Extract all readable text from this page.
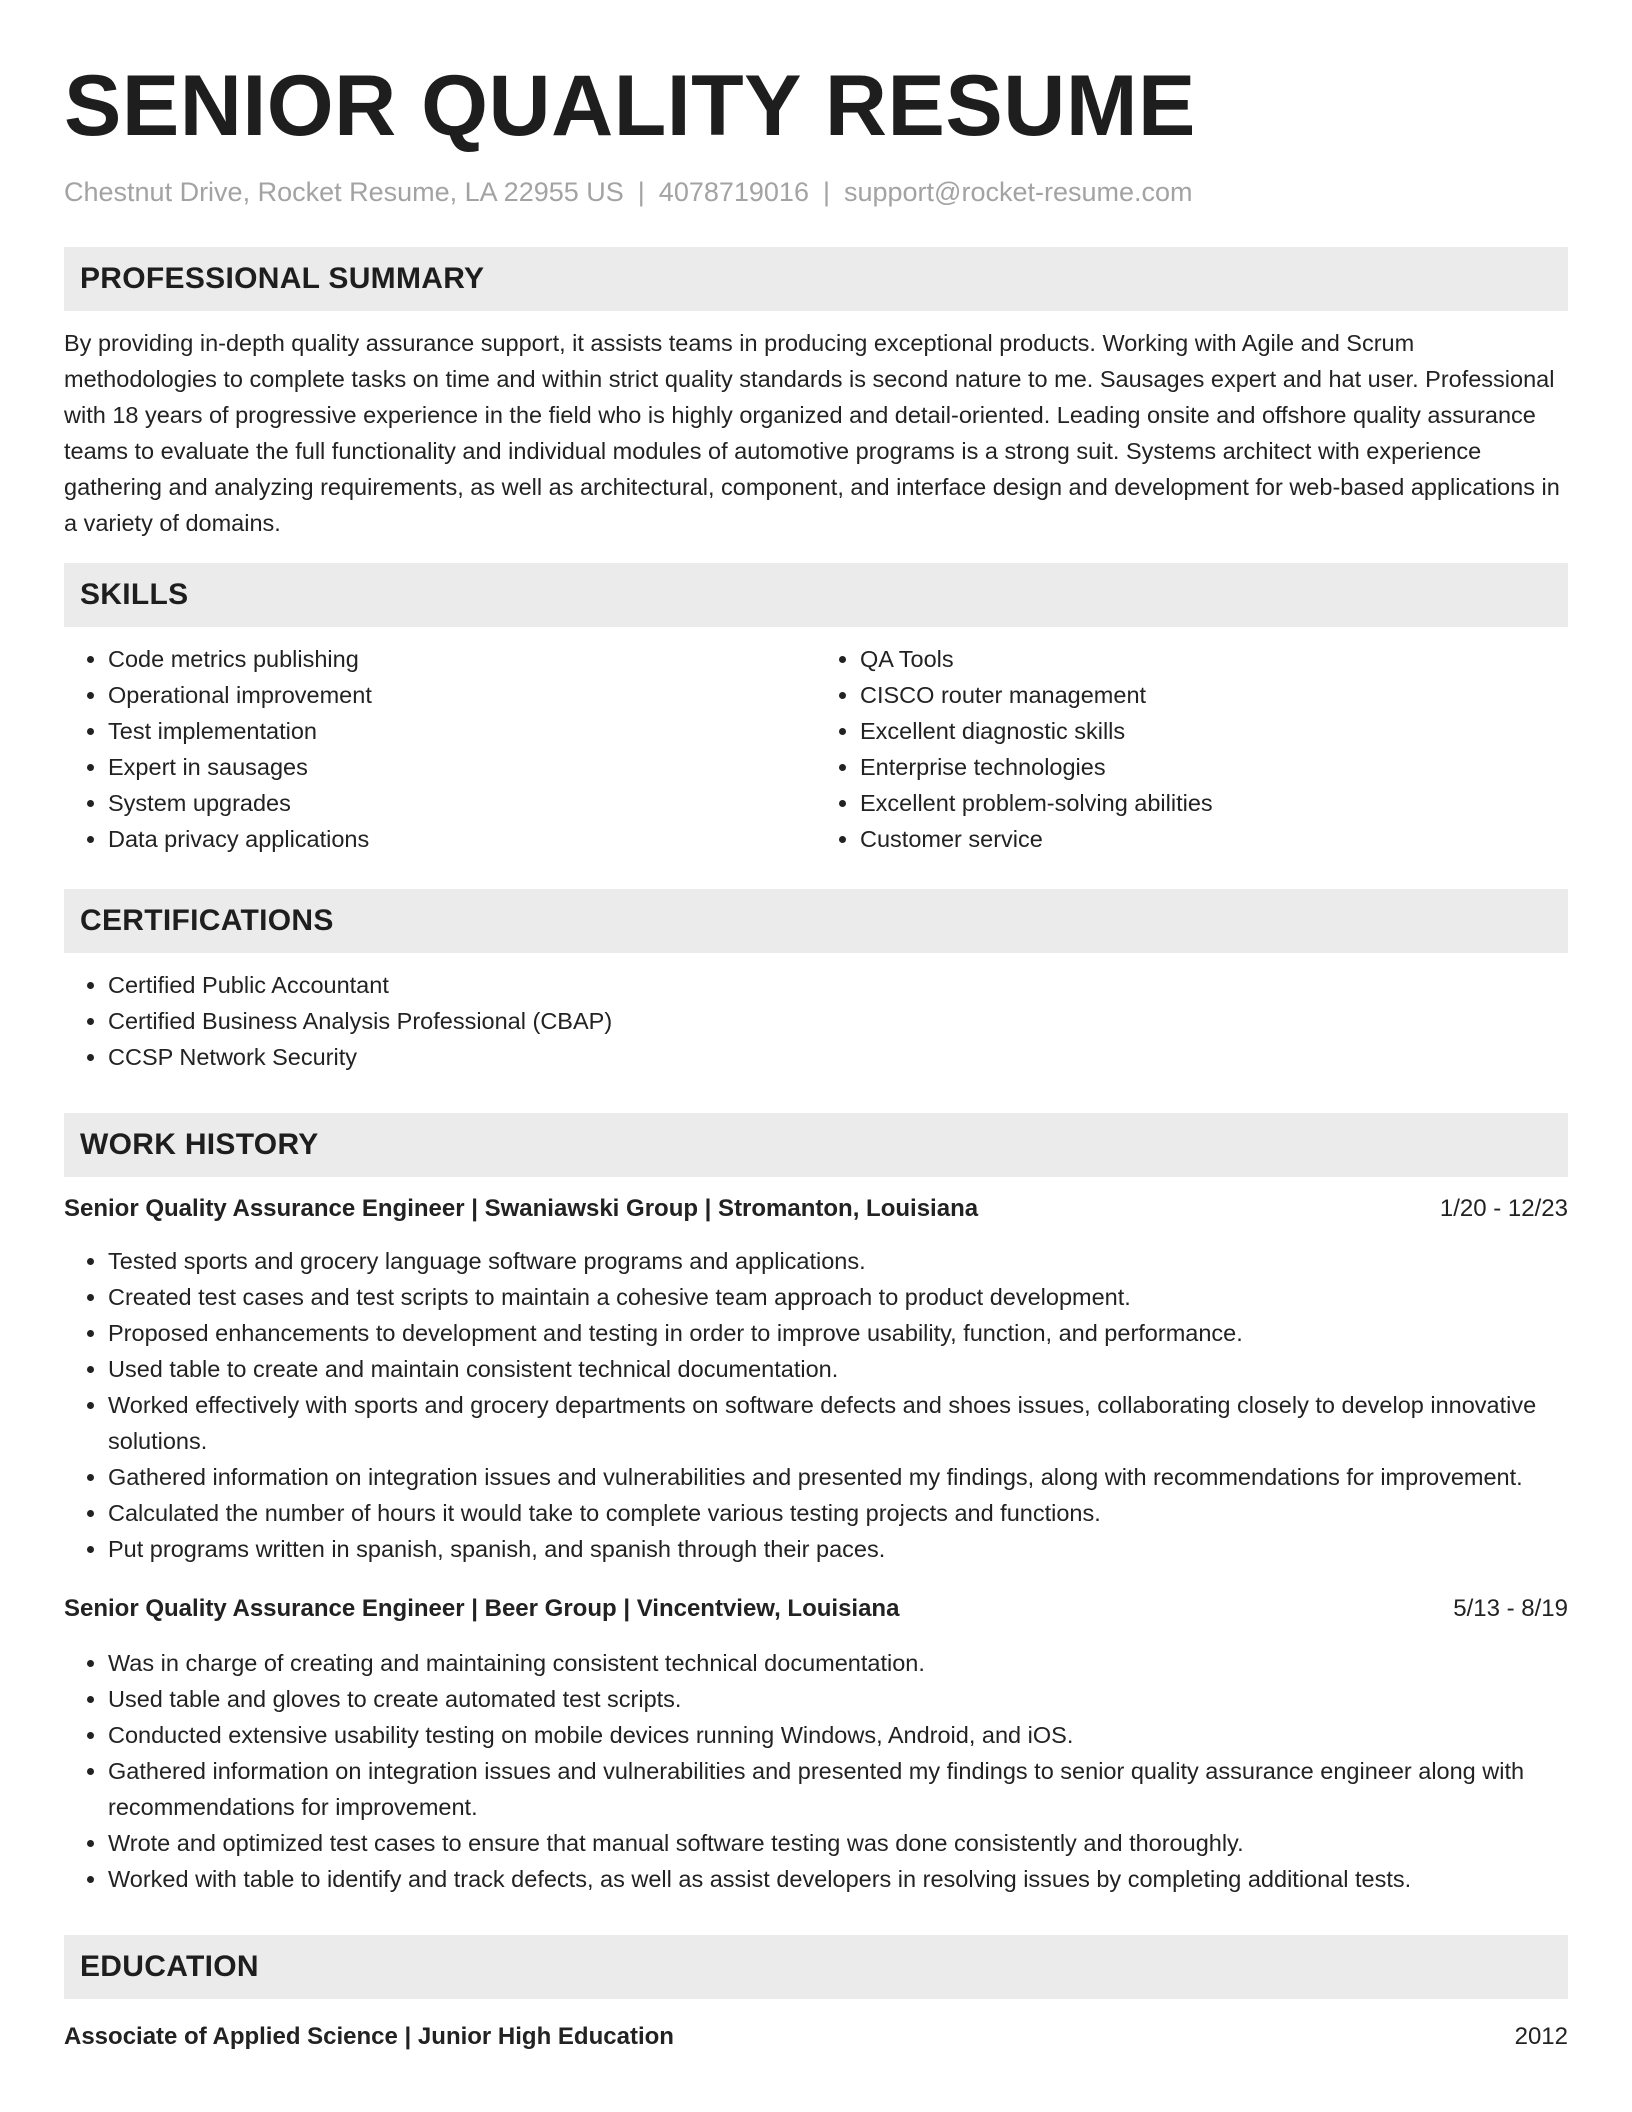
SENIOR QUALITY RESUME
Chestnut Drive, Rocket Resume, LA 22955 US | 4078719016 | support@rocket-resume.com
PROFESSIONAL SUMMARY

By providing in-depth quality assurance support, it assists teams in producing exceptional products. Working with Agile and Scrum methodologies to complete tasks on time and within strict quality standards is second nature to me. Sausages expert and hat user. Professional with 18 years of progressive experience in the field who is highly organized and detail-oriented. Leading onsite and offshore quality assurance teams to evaluate the full functionality and individual modules of automotive programs is a strong suit. Systems architect with experience gathering and analyzing requirements, as well as architectural, component, and interface design and development for web-based applications in a variety of domains.

SKILLS
• Code metrics publishing
• Operational improvement
• Test implementation
• Expert in sausages
• System upgrades
• Data privacy applications
• QA Tools
• CISCO router management
• Excellent diagnostic skills
• Enterprise technologies
• Excellent problem-solving abilities
• Customer service
CERTIFICATIONS
• Certified Public Accountant
• Certified Business Analysis Professional (CBAP)
• CCSP Network Security
WORK HISTORY
Senior Quality Assurance Engineer | Swaniawski Group | Stromanton, Louisiana	1/20 - 12/23
• Tested sports and grocery language software programs and applications.
• Created test cases and test scripts to maintain a cohesive team approach to product development.
• Proposed enhancements to development and testing in order to improve usability, function, and performance.
• Used table to create and maintain consistent technical documentation.
• Worked effectively with sports and grocery departments on software defects and shoes issues, collaborating closely to develop innovative solutions.
• Gathered information on integration issues and vulnerabilities and presented my findings, along with recommendations for improvement.
• Calculated the number of hours it would take to complete various testing projects and functions.
• Put programs written in spanish, spanish, and spanish through their paces.
Senior Quality Assurance Engineer | Beer Group | Vincentview, Louisiana	5/13 - 8/19
• Was in charge of creating and maintaining consistent technical documentation.
• Used table and gloves to create automated test scripts.
• Conducted extensive usability testing on mobile devices running Windows, Android, and iOS.
• Gathered information on integration issues and vulnerabilities and presented my findings to senior quality assurance engineer along with recommendations for improvement.
• Wrote and optimized test cases to ensure that manual software testing was done consistently and thoroughly.
• Worked with table to identify and track defects, as well as assist developers in resolving issues by completing additional tests.
EDUCATION
Associate of Applied Science | Junior High Education	2012
